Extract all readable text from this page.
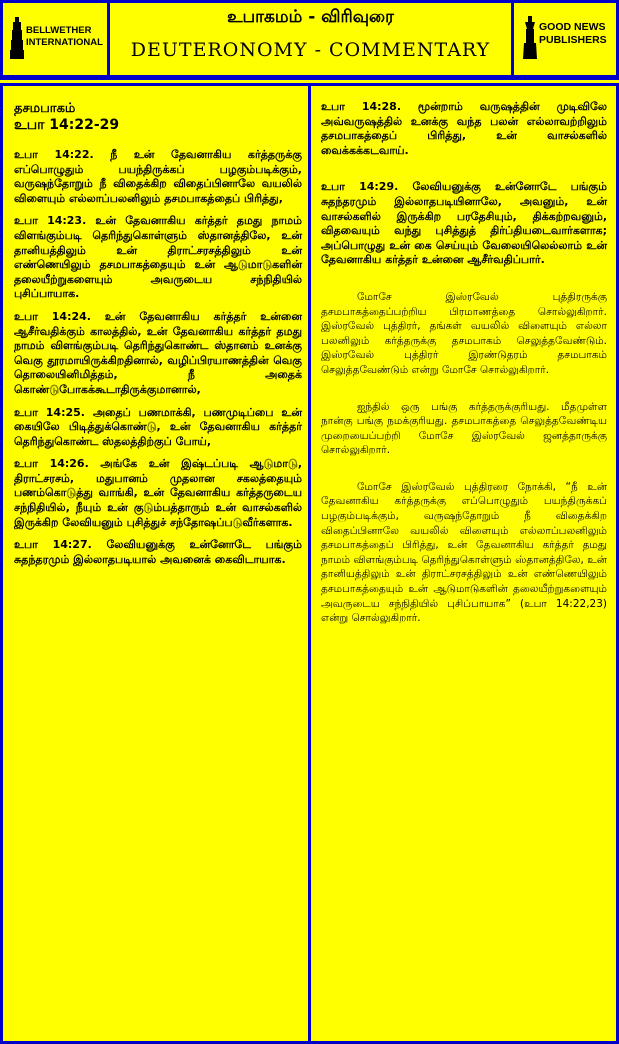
BELLWETHER
INTERNATIONAL
உபாகமம் - விரிவுரை
DEUTERONOMY - COMMENTARY
GOOD NEWS
PUBLISHERS
தசமபாகம்
உபா 14:22-29

உபா 14:22. நீ உன் தேவனாகிய கர்த்தருக்கு எப்பொழுதும் பயந்திருக்கப் பழகும்படிக்கும், வருஷந்தோறும் நீ விதைக்கிற விதைப்பினாலே வயலில் விளையும் எல்லாப்பலனிலும் தசமபாகத்தைப் பிரித்து,

உபா 14:23. உன் தேவனாகிய கர்த்தர் தமது நாமம் விளங்கும்படி தெரிந்துகொள்ளும் ஸ்தானத்திலே, உன் தானியத்திலும் உன் திராட்சரசத்திலும் உன் எண்ணெயிலும் தசமபாகத்தையும் உன் ஆடுமாடுகளின் தலையீற்றுகளையும் அவருடைய சந்நிதியில் புசிப்பாயாக.

உபா 14:24. உன் தேவனாகிய கர்த்தர் உன்னை ஆசீர்வதிக்கும் காலத்தில், உன் தேவனாகிய கர்த்தர் தமது நாமம் விளங்கும்படி தெரிந்துகொண்ட ஸ்தானம் உனக்கு வெகு தூரமாயிருக்கிறதினால், வழிப்பிரயாணத்தின் வெகு தொலையினிமித்தம், நீ அதைக் கொண்டுபோகக்கூடாதிருக்குமானால்,

உபா 14:25. அதைப் பணமாக்கி, பணமுடிப்பை உன் கையிலே பிடித்துக்கொண்டு, உன் தேவனாகிய கர்த்தர் தெரிந்துகொண்ட ஸ்தலத்திற்குப் போய்,

உபா 14:26. அங்கே உன் இஷ்டப்படி ஆடுமாடு, திராட்சரசம், மதுபானம் முதலான சகலத்தையும் பணம்கொடுத்து வாங்கி, உன் தேவனாகிய கர்த்தருடைய சந்நிதியில், நீயும் உன் குடும்பத்தாரும் உன் வாசல்களில் இருக்கிற லேவியனும் புசித்துச் சந்தோஷப்படுவீர்களாக.

உபா 14:27. லேவியனுக்கு உன்னோடே பங்கும் சுதந்தரமும் இல்லாதபடியால் அவனைக் கைவிடாயாக.

உபா 14:28. மூன்றாம் வருஷத்தின் முடிவிலே அவ்வருஷத்தில் உனக்கு வந்த பலன் எல்லாவற்றிலும் தசமபாகத்தைப் பிரித்து, உன் வாசல்களில் வைக்கக்கடவாய்.

உபா 14:29. லேவியனுக்கு உன்னோடே பங்கும் சுதந்தரமும் இல்லாதபடியினாலே, அவனும், உன் வாசல்களில் இருக்கிற பரதேசியும், திக்கற்றவனும், விதவையும் வந்து புசித்துத் திர்ப்தியடைவார்களாக; அப்பொழுது உன் கை செய்யும் வேலையிலெல்லாம் உன் தேவனாகிய கர்த்தர் உன்னை ஆசீர்வதிப்பார்.

மோசே இஸ்ரவேல் புத்திரருக்கு தசமபாகத்தைப்பற்றிய பிரமாணத்தை சொல்லுகிறார். இஸ்ரவேல் புத்திரர், தங்கள் வயலில் விளையும் எல்லா பலனிலும் கர்த்தருக்கு தசமபாகம் செலுத்தவேண்டும். இஸ்ரவேல் புத்திரர் இரண்டுதரம் தசமபாகம் செலுத்தவேண்டும் என்று மோசே சொல்லுகிறார்.

ஐந்தில் ஒரு பங்கு கர்த்தருக்குரியது. மீதமுள்ள நான்கு பங்கு நமக்குரியது. தசமபாகத்தை செலுத்தவேண்டிய முறையைப்பற்றி மோசே இஸ்ரவேல் ஜனத்தாருக்கு சொல்லுகிறார்.

மோசே இஸ்ரவேல் புத்திரரை நோக்கி, “நீ உன் தேவனாகிய கர்த்தருக்கு எப்பொழுதும் பயந்திருக்கப் பழகும்படிக்கும், வருஷந்தோறும் நீ விதைக்கிற விதைப்பினாலே வயலில் விளையும் எல்லாப்பலனிலும் தசமபாகத்தைப் பிரித்து, உன் தேவனாகிய கர்த்தர் தமது நாமம் விளங்கும்படி தெரிந்துகொள்ளும் ஸ்தானத்திலே, உன் தானியத்திலும் உன் திராட்சரசத்திலும் உன் எண்ணெயிலும் தசமபாகத்தையும் உன் ஆடுமாடுகளின் தலையீற்றுகளையும் அவருடைய சந்நிதியில் புசிப்பாயாக” (உபா 14:22,23) என்று சொல்லுகிறார்.
